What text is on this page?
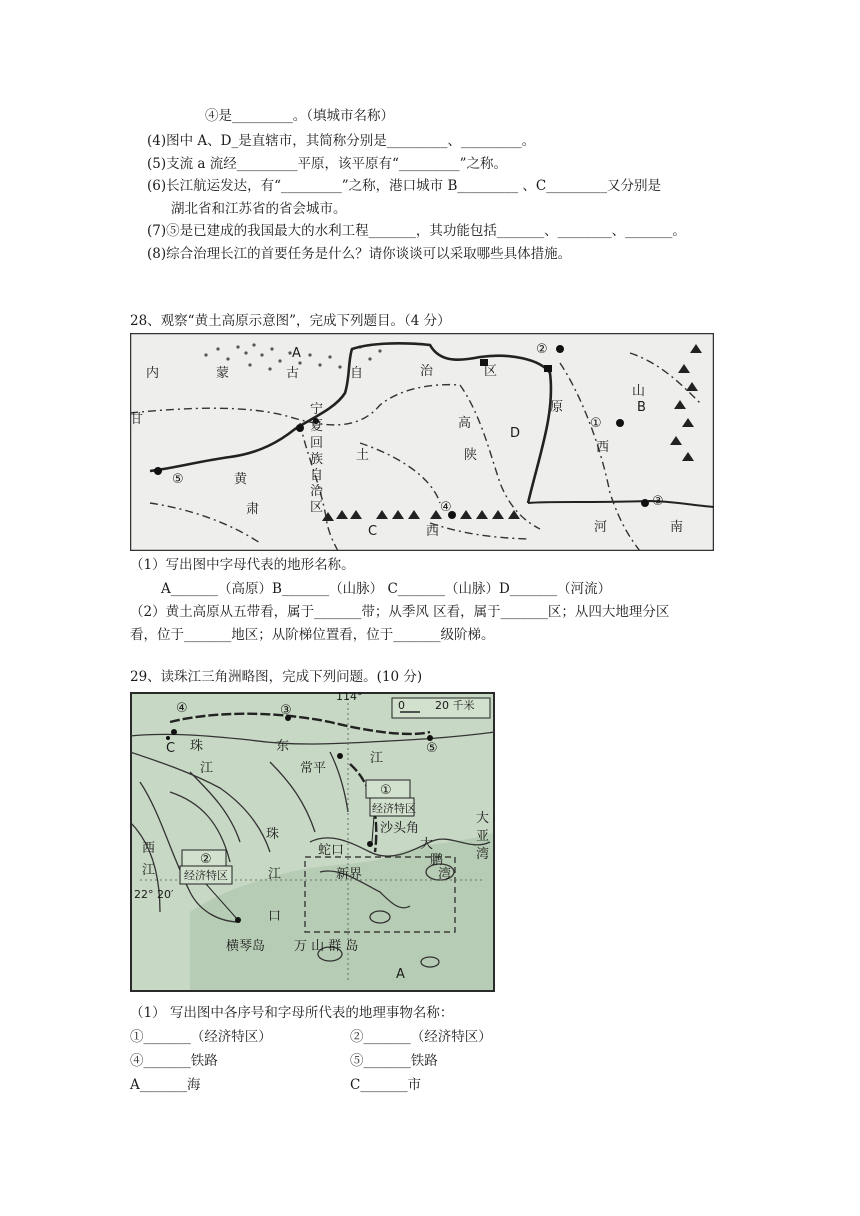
④是_________。（填城市名称）
(4)图中 A、D_是直辖市，其简称分别是_________、_________。
(5)支流 a 流经_________平原，该平原有“_________”之称。
(6)长江航运发达，有“_________”之称，港口城市 B_________ 、C_________又分别是
湖北省和江苏省的省会城市。
(7)⑤是已建成的我国最大的水利工程_______，其功能包括_______、________、_______。
(8)综合治理长江的首要任务是什么？请你谈谈可以采取哪些具体措施。
28、观察“黄土高原示意图”，完成下列题目。（4 分）
A
内	蒙	古	自	治	区
②
山
B
原
①
西
甘
宁
夏
回
族
自
治
区
高
D
土	陕
⑤	黄
肃	④
C	西
③
河	南
（1）写出图中字母代表的地形名称。
A_______（高原）B_______（山脉） C_______（山脉）D_______（河流）
（2）黄土高原从五带看，属于_______带；从季风 区看，属于_______区；从四大地理分区
看，位于_______地区；从阶梯位置看，位于_______级阶梯。
29、读珠江三角洲略图，完成下列问题。(10 分)
114°
0	20 千米
④	③
⑤
C 珠	东
江
江
常平
①
经济特区
沙头角
大
亚
湾
大
鹏
湾
珠
蛇口
西
②
经济特区
江	江	新界
22° 20′
口
横琴岛 万 山 群 岛
A
（1） 写出图中各序号和字母所代表的地理事物名称：
①_______（经济特区）	②_______（经济特区）
④_______铁路	⑤_______铁路
A_______海	C_______市
